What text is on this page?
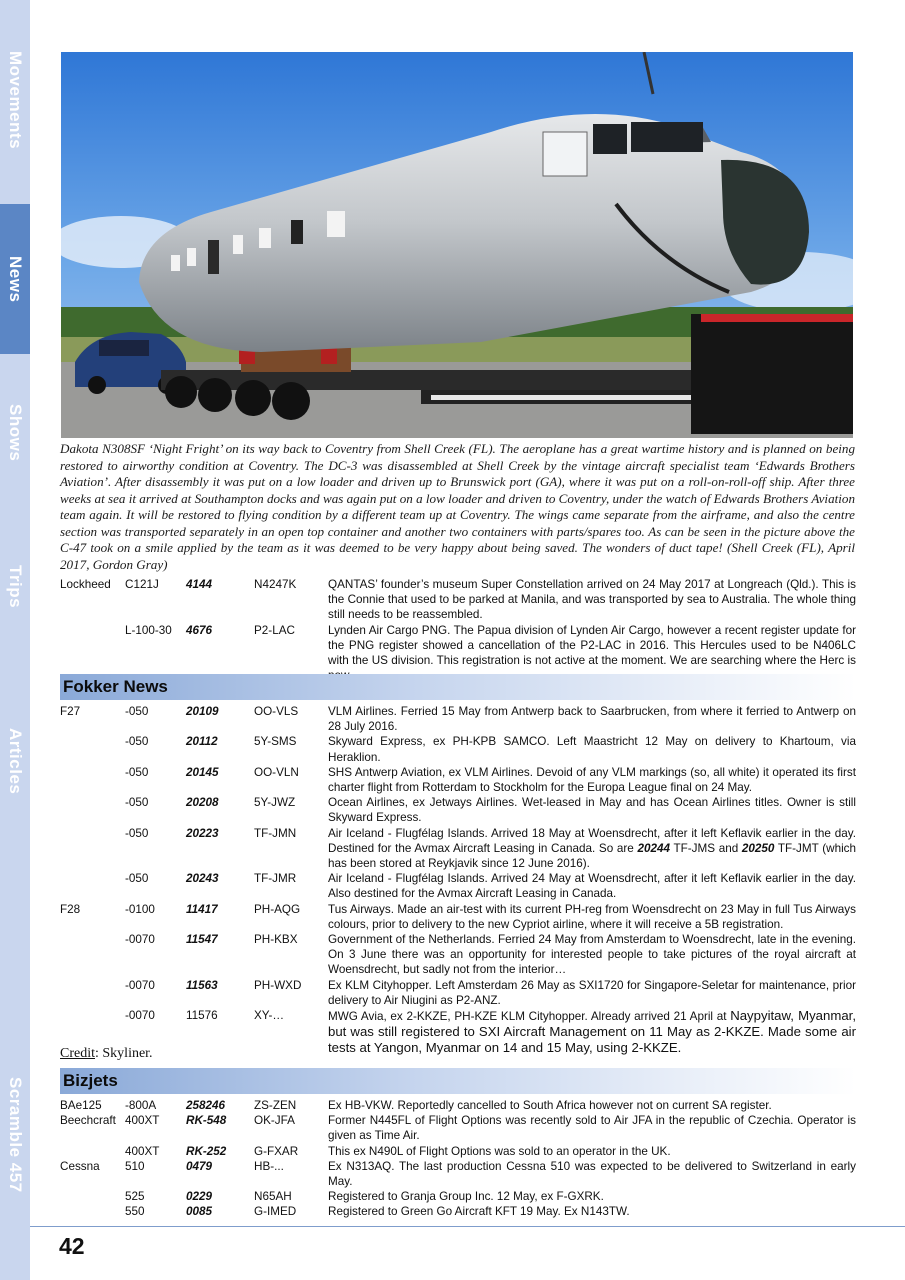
Movements
News
Shows
Trips
Articles
Scramble 457
Dakota N308SF ‘Night Fright’ on its way back to Coventry from Shell Creek (FL). The aeroplane has a great wartime history and is planned on being restored to airworthy condition at Coventry. The DC-3 was disassembled at Shell Creek by the vintage aircraft specialist team ‘Edwards Brothers Aviation’. After disassembly it was put on a low loader and driven up to Brunswick port (GA), where it was put on a roll-on-roll-off ship. After three weeks at sea it arrived at Southampton docks and was again put on a low loader and driven to Coventry, under the watch of Edwards Brothers Aviation team again. It will be restored to flying condition by a different team up at Coventry. The wings came separate from the airframe, and also the centre section was transported separately in an open top container and another two containers with parts/spares too. As can be seen in the picture above the C-47 took on a smile applied by the team as it was deemed to be very happy about being saved. The wonders of duct tape! (Shell Creek (FL), April 2017, Gordon Gray)
Lockheed	C121J	4144	N4247K	QANTAS’ founder’s museum Super Constellation arrived on 24 May 2017 at Longreach (Qld.). This is the Connie that used to be parked at Manila, and was transported by sea to Australia. The whole thing still needs to be reassembled.
L-100-30	4676	P2-LAC	Lynden Air Cargo PNG. The Papua division of Lynden Air Cargo, however a recent register update for the PNG register showed a cancellation of the P2-LAC in 2016. This Hercules used to be N406LC with the US division. This registration is not active at the moment. We are searching where the Herc is
Fokker News
F27	-050	20109	OO-VLS	VLM Airlines. Ferried 15 May from Antwerp back to Saarbrucken, from where it ferried to Antwerp on 28 July 2016.
-050	20112	5Y-SMS	Skyward Express, ex PH-KPB SAMCO. Left Maastricht 12 May on delivery to Khartoum, via Heraklion.
-050	20145	OO-VLN	SHS Antwerp Aviation, ex VLM Airlines. Devoid of any VLM markings (so, all white) it operated its first charter flight from Rotterdam to Stockholm for the Europa League final on 24 May.
-050	20208	5Y-JWZ	Ocean Airlines, ex Jetways Airlines. Wet-leased in May and has Ocean Airlines titles. Owner is still Skyward Express.
-050	20223	TF-JMN	Air Iceland - Flugfélag Islands. Arrived 18 May at Woensdrecht, after it left Keflavik earlier in the day. Destined for the Avmax Aircraft Leasing in Canada. So are 20244 TF-JMS and 20250 TF-JMT (which has been stored at Reykjavik since 12 June 2016).
-050	20243	TF-JMR	Air Iceland - Flugfélag Islands. Arrived 24 May at Woensdrecht, after it left Keflavik earlier in the day. Also destined for the Avmax Aircraft Leasing in Canada.
F28	-0100	11417	PH-AQG	Tus Airways. Made an air-test with its current PH-reg from Woensdrecht on 23 May in full Tus Airways colours, prior to delivery to the new Cypriot airline, where it will receive a 5B registration.
-0070	11547	PH-KBX	Government of the Netherlands. Ferried 24 May from Amsterdam to Woensdrecht, late in the evening. On 3 June there was an opportunity for interested people to take pictures of the royal aircraft at Woensdrecht, but sadly not from the interior…
-0070	11563	PH-WXD	Ex KLM Cityhopper. Left Amsterdam 26 May as SXI1720 for Singapore-Seletar for maintenance, prior delivery to Air Niugini as P2-ANZ.
-0070	11576	XY-…	MWG Avia, ex 2-KKZE, PH-KZE KLM Cityhopper. Already arrived 21 April at Naypyitaw, Myanmar, but was still registered to SXI Aircraft Management on 11 May as 2-KKZE. Made some air tests at Yangon, Myanmar on 14 and 15 May, using 2-KKZE.
Credit: Skyliner.
Bizjets
BAe125	-800A	258246	ZS-ZEN	Ex HB-VKW. Reportedly cancelled to South Africa however not on current SA register.
Beechcraft 400XT	RK-548	OK-JFA	Former N445FL of Flight Options was recently sold to Air JFA in the republic of Czechia. Operator is given as Time Air.
400XT	RK-252	G-FXAR	This ex N490L of Flight Options was sold to an operator in the UK.
Cessna	510	0479	HB-...	Ex N313AQ. The last production Cessna 510 was expected to be delivered to Switzerland in early May.
525	0229	N65AH	Registered to Granja Group Inc. 12 May, ex F-GXRK.
550	0085	G-IMED	Registered to Green Go Aircraft KFT 19 May. Ex N143TW.
42
